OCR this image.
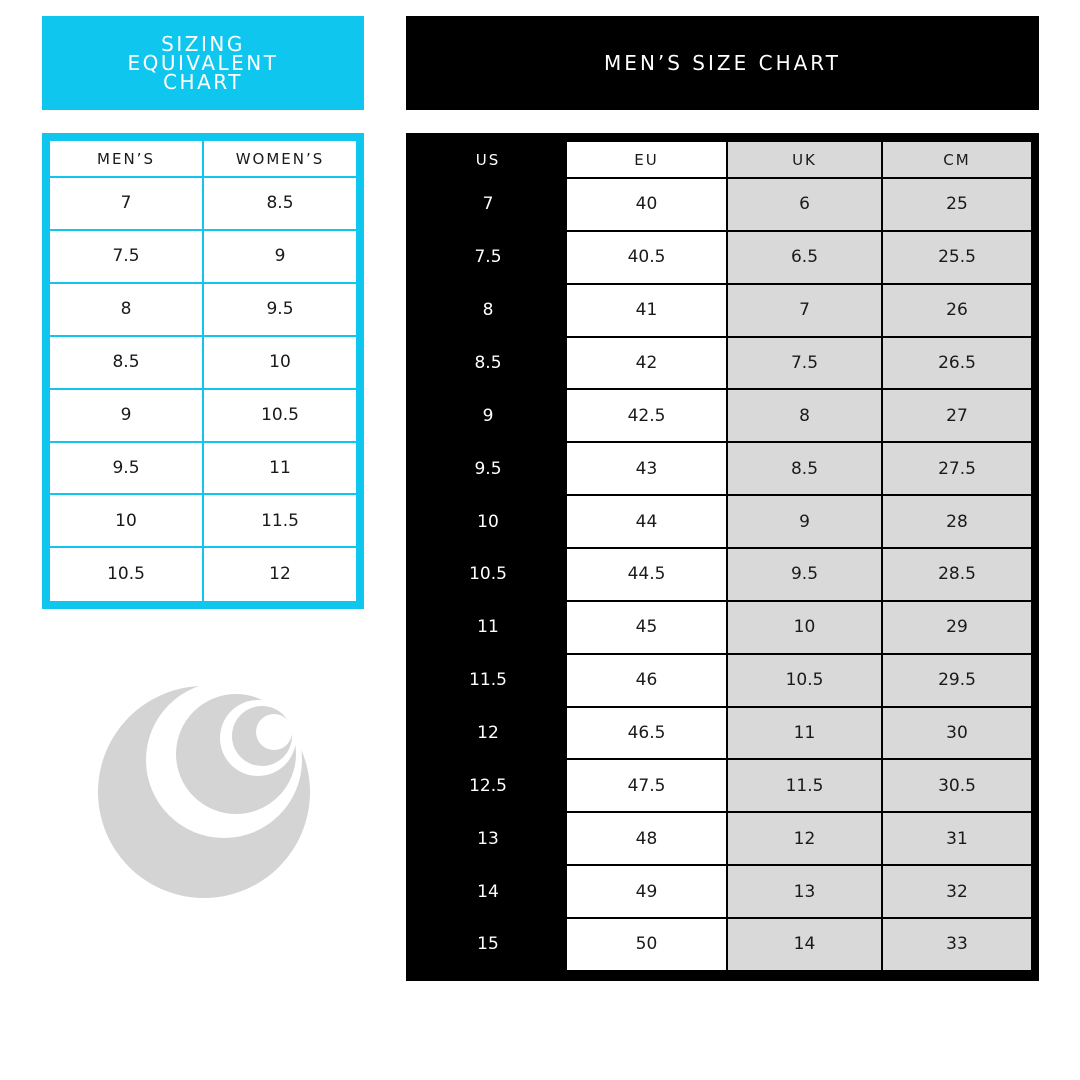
SIZING
EQUIVALENT
CHART
MEN’S SIZE CHART
MEN’S	WOMEN’S
7	8.5
7.5	9
8	9.5
8.5	10
9	10.5
9.5	11
10	11.5
10.5	12
US	EU	UK	CM
7	40	6	25
7.5	40.5	6.5	25.5
8	41	7	26
8.5	42	7.5	26.5
9	42.5	8	27
9.5	43	8.5	27.5
10	44	9	28
10.5	44.5	9.5	28.5
11	45	10	29
11.5	46	10.5	29.5
12	46.5	11	30
12.5	47.5	11.5	30.5
13	48	12	31
14	49	13	32
15	50	14	33
